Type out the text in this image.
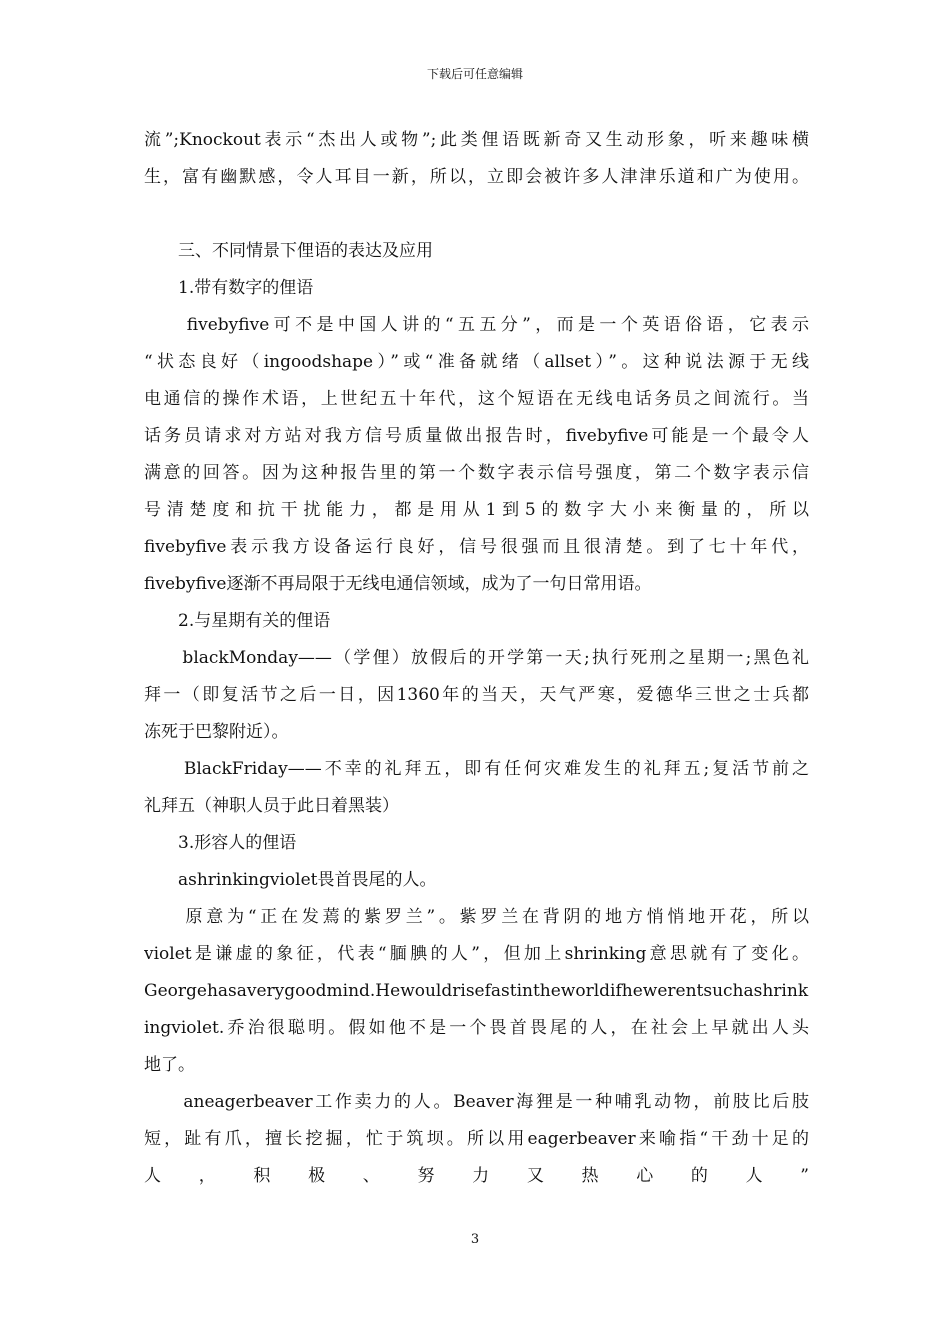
下载后可任意编辑

流”;Knockout表示“杰出人或物”;此类俚语既新奇又生动形象，听来趣味横

生，富有幽默感，令人耳目一新，所以，立即会被许多人津津乐道和广为使用。

　　三、不同情景下俚语的表达及应用

　　1.带有数字的俚语

　　fivebyfive可不是中国人讲的“五五分”，而是一个英语俗语，它表示

“状态良好（ingoodshape）”或“准备就绪（allset）”。这种说法源于无线

电通信的操作术语，上世纪五十年代，这个短语在无线电话务员之间流行。当

话务员请求对方站对我方信号质量做出报告时，fivebyfive可能是一个最令人

满意的回答。因为这种报告里的第一个数字表示信号强度，第二个数字表示信

号清楚度和抗干扰能力，都是用从1到5的数字大小来衡量的，所以

fivebyfive表示我方设备运行良好，信号很强而且很清楚。到了七十年代，

fivebyfive逐渐不再局限于无线电通信领域，成为了一句日常用语。

　　2.与星期有关的俚语

　　blackMonday——（学俚）放假后的开学第一天;执行死刑之星期一;黑色礼

拜一（即复活节之后一日，因1360年的当天，天气严寒，爱德华三世之士兵都

冻死于巴黎附近）。

　　BlackFriday——不幸的礼拜五，即有任何灾难发生的礼拜五;复活节前之

礼拜五（神职人员于此日着黑装）

　　3.形容人的俚语

　　ashrinkingviolet畏首畏尾的人。

　　原意为“正在发蔫的紫罗兰”。紫罗兰在背阴的地方悄悄地开花，所以

violet是谦虚的象征，代表“腼腆的人”，但加上shrinking意思就有了变化。

Georgehasaverygoodmind.Hewouldrisefastintheworldifhewerentsuchashrink

ingviolet.乔治很聪明。假如他不是一个畏首畏尾的人，在社会上早就出人头

地了。

　　aneagerbeaver工作卖力的人。Beaver海狸是一种哺乳动物，前肢比后肢

短，趾有爪，擅长挖掘，忙于筑坝。所以用eagerbeaver来喻指“干劲十足的

人，积极、努力又热心的人”

3
